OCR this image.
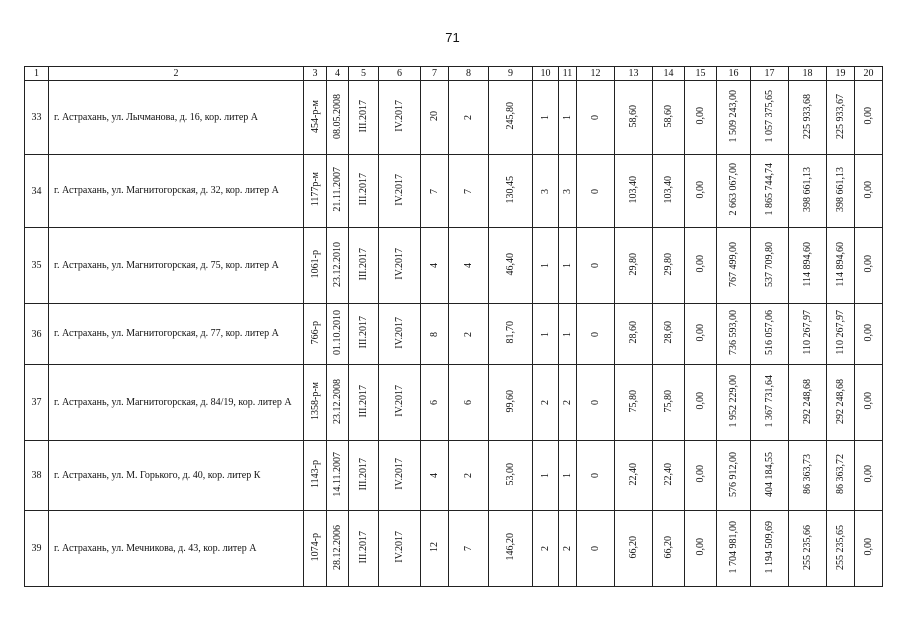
71
1	2	3	4	5	6	7	8	9	10	11	12	13	14	15	16	17	18	19	20
33	г. Астрахань, ул. Лычманова, д. 16, кор. литер А	454-р-м	08.05.2008	III.2017	IV.2017	20	2	245,80	1	1	0	58,60	58,60	0,00	1 509 243,00	1 057 375,65	225 933,68	225 933,67	0,00
34	г. Астрахань, ул. Магнитогорская, д. 32, кор. литер А	1177р-м	21.11.2007	III.2017	IV.2017	7	7	130,45	3	3	0	103,40	103,40	0,00	2 663 067,00	1 865 744,74	398 661,13	398 661,13	0,00
35	г. Астрахань, ул. Магнитогорская, д. 75, кор. литер А	1061-р	23.12.2010	III.2017	IV.2017	4	4	46,40	1	1	0	29,80	29,80	0,00	767 499,00	537 709,80	114 894,60	114 894,60	0,00
36	г. Астрахань, ул. Магнитогорская, д. 77, кор. литер А	766-р	01.10.2010	III.2017	IV.2017	8	2	81,70	1	1	0	28,60	28,60	0,00	736 593,00	516 057,06	110 267,97	110 267,97	0,00
37	г. Астрахань, ул. Магнитогорская, д. 84/19, кор. литер А	1358-р-м	23.12.2008	III.2017	IV.2017	6	6	99,60	2	2	0	75,80	75,80	0,00	1 952 229,00	1 367 731,64	292 248,68	292 248,68	0,00
38	г. Астрахань, ул. М. Горького, д. 40, кор. литер К	1143-р	14.11.2007	III.2017	IV.2017	4	2	53,00	1	1	0	22,40	22,40	0,00	576 912,00	404 184,55	86 363,73	86 363,72	0,00
39	г. Астрахань, ул. Мечникова, д. 43, кор. литер А	1074-р	28.12.2006	III.2017	IV.2017	12	7	146,20	2	2	0	66,20	66,20	0,00	1 704 981,00	1 194 509,69	255 235,66	255 235,65	0,00
